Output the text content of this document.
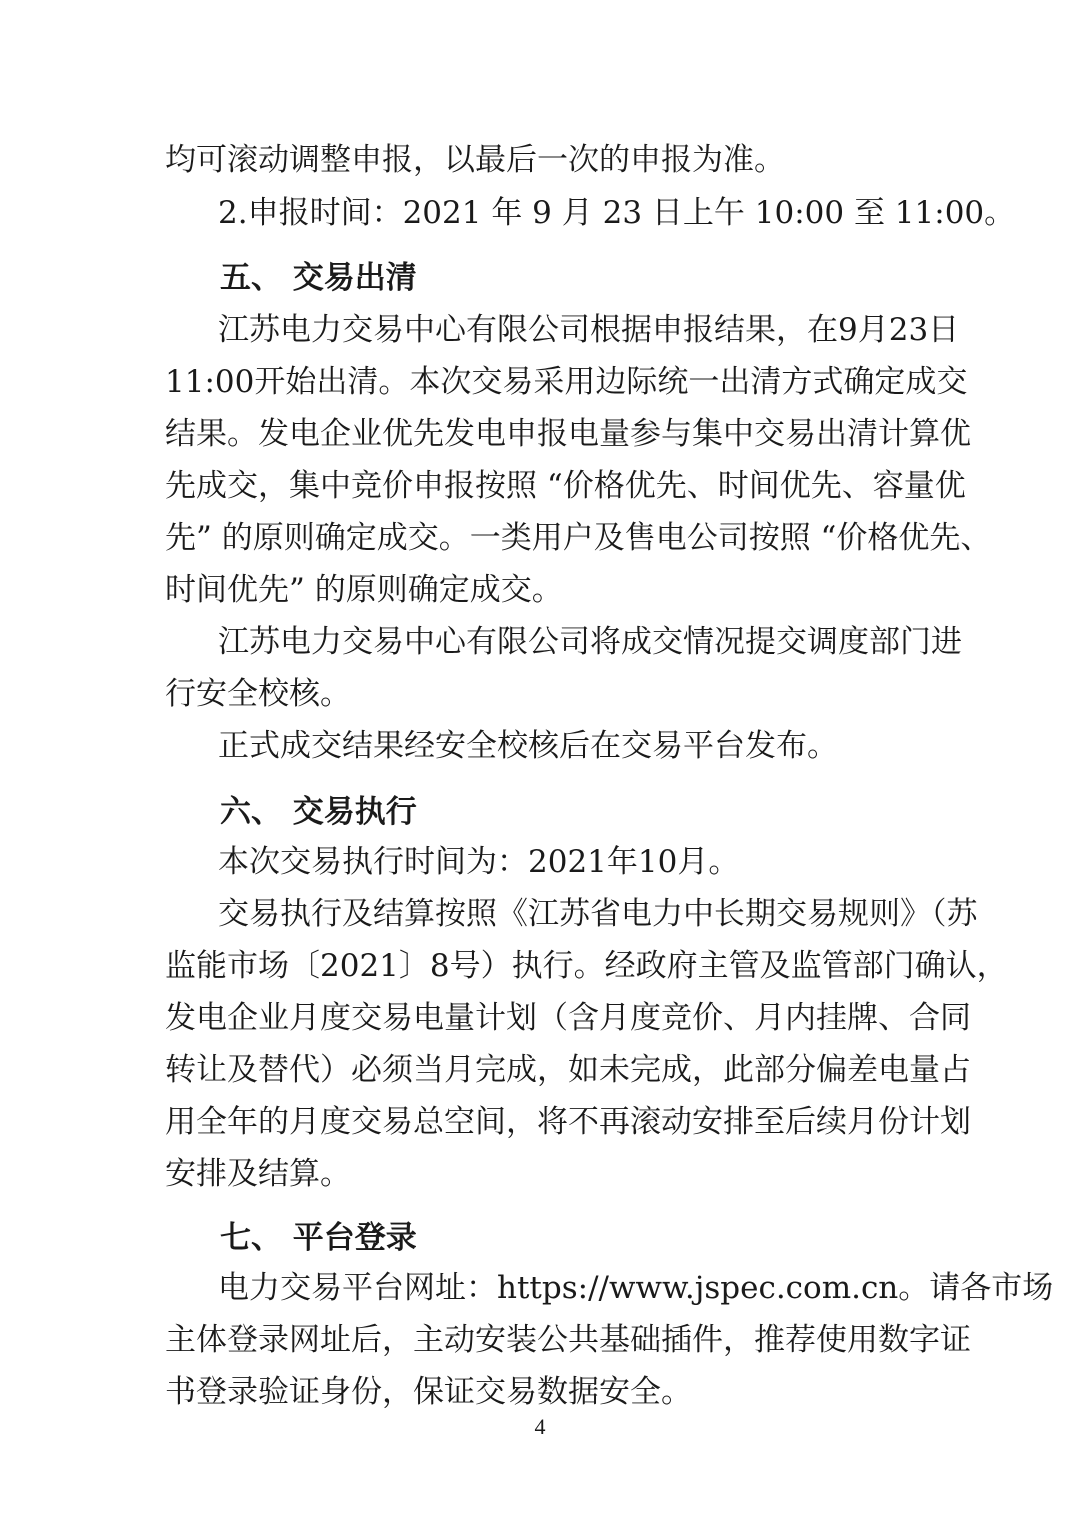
均可滚动调整申报，以最后一次的申报为准。
2.申报时间：2021 年 9 月 23 日上午 10:00 至 11:00。
五、 交易出清
江苏电力交易中心有限公司根据申报结果，在9月23日
11:00开始出清。本次交易采用边际统一出清方式确定成交
结果。发电企业优先发电申报电量参与集中交易出清计算优
先成交，集中竞价申报按照 “价格优先、时间优先、容量优
先” 的原则确定成交。一类用户及售电公司按照 “价格优先、
时间优先” 的原则确定成交。
江苏电力交易中心有限公司将成交情况提交调度部门进
行安全校核。
正式成交结果经安全校核后在交易平台发布。
六、 交易执行
本次交易执行时间为：2021年10月。
交易执行及结算按照《江苏省电力中长期交易规则》（苏
监能市场〔2021〕8号）执行。经政府主管及监管部门确认，
发电企业月度交易电量计划（含月度竞价、月内挂牌、合同
转让及替代）必须当月完成，如未完成，此部分偏差电量占
用全年的月度交易总空间，将不再滚动安排至后续月份计划
安排及结算。
七、 平台登录
电力交易平台网址：https://www.jspec.com.cn。请各市场
主体登录网址后，主动安装公共基础插件，推荐使用数字证
书登录验证身份，保证交易数据安全。
4
